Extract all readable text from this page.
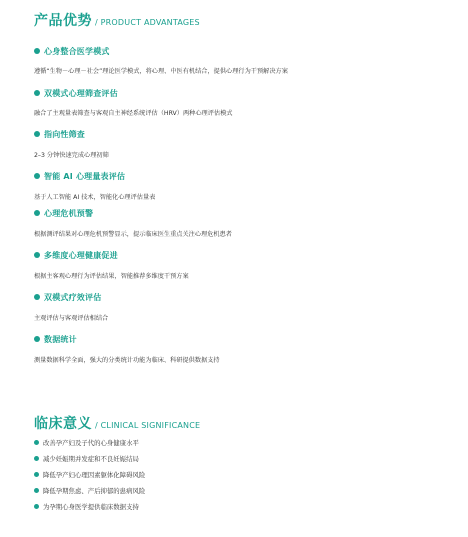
产品优势 / PRODUCT ADVANTAGES
心身整合医学模式
遵循“生物－心理－社会”理论医学模式，将心理、中医有机结合，提供心理行为干预解决方案
双模式心理筛查评估
融合了主观量表筛查与客观自主神经系统评估（HRV）两种心理评估模式
指向性筛查
2–3 分钟快速完成心理初筛
智能 AI 心理量表评估
基于人工智能 AI 技术，智能化心理评估量表
心理危机预警
根据测评结果对心理危机预警显示，提示临床医生重点关注心理危机患者
多维度心理健康促进
根据主客观心理行为评估结果，智能推荐多维度干预方案
双模式疗效评估
主观评估与客观评估相结合
数据统计
测量数据科学全面，强大的分类统计功能为临床、科研提供数据支持
临床意义 / CLINICAL SIGNIFICANCE
改善孕产妇及子代的心身健康水平
减少妊娠期并发症和不良妊娠结局
降低孕产妇心理因素躯体化障碍风险
降低孕期焦虑、产后抑郁的患病风险
为孕期心身医学提供临床数据支持
